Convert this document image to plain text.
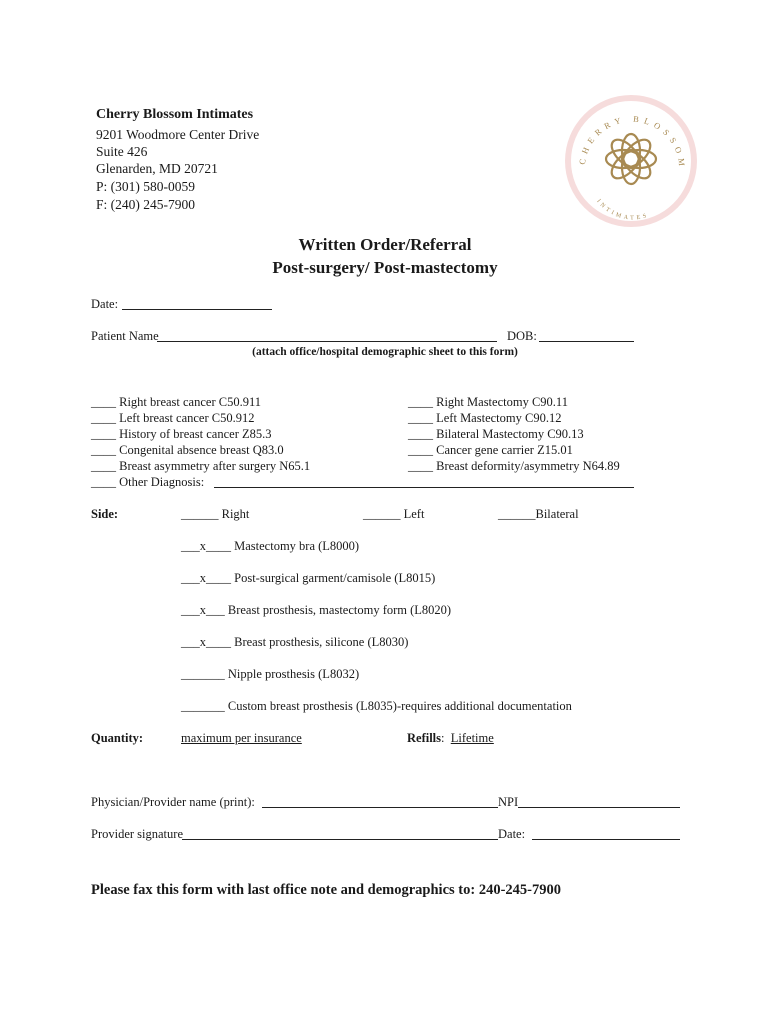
Cherry Blossom Intimates
9201 Woodmore Center Drive
Suite 426
Glenarden, MD 20721
P: (301) 580-0059
F: (240) 245-7900
CHERRY BLOSSOM
INTIMATES
Written Order/Referral
Post-surgery/ Post-mastectomy
Date:
Patient Name	DOB:
(attach office/hospital demographic sheet to this form)
____ Right breast cancer C50.911
____ Left breast cancer C50.912
____ History of breast cancer Z85.3
____ Congenital absence breast Q83.0
____ Breast asymmetry after surgery N65.1
____ Right Mastectomy C90.11
____ Left Mastectomy C90.12
____ Bilateral Mastectomy C90.13
____ Cancer gene carrier Z15.01
____ Breast deformity/asymmetry N64.89
____ Other Diagnosis:
Side:	______ Right	______ Left	______Bilateral
___x____ Mastectomy bra (L8000)
___x____ Post-surgical garment/camisole (L8015)
___x___ Breast prosthesis, mastectomy form (L8020)
___x____ Breast prosthesis, silicone (L8030)
_______ Nipple prosthesis (L8032)
_______ Custom breast prosthesis (L8035)-requires additional documentation
Quantity:	maximum per insurance	Refills: Lifetime
Physician/Provider name (print):	NPI
Provider signature	Date:
Please fax this form with last office note and demographics to: 240-245-7900
